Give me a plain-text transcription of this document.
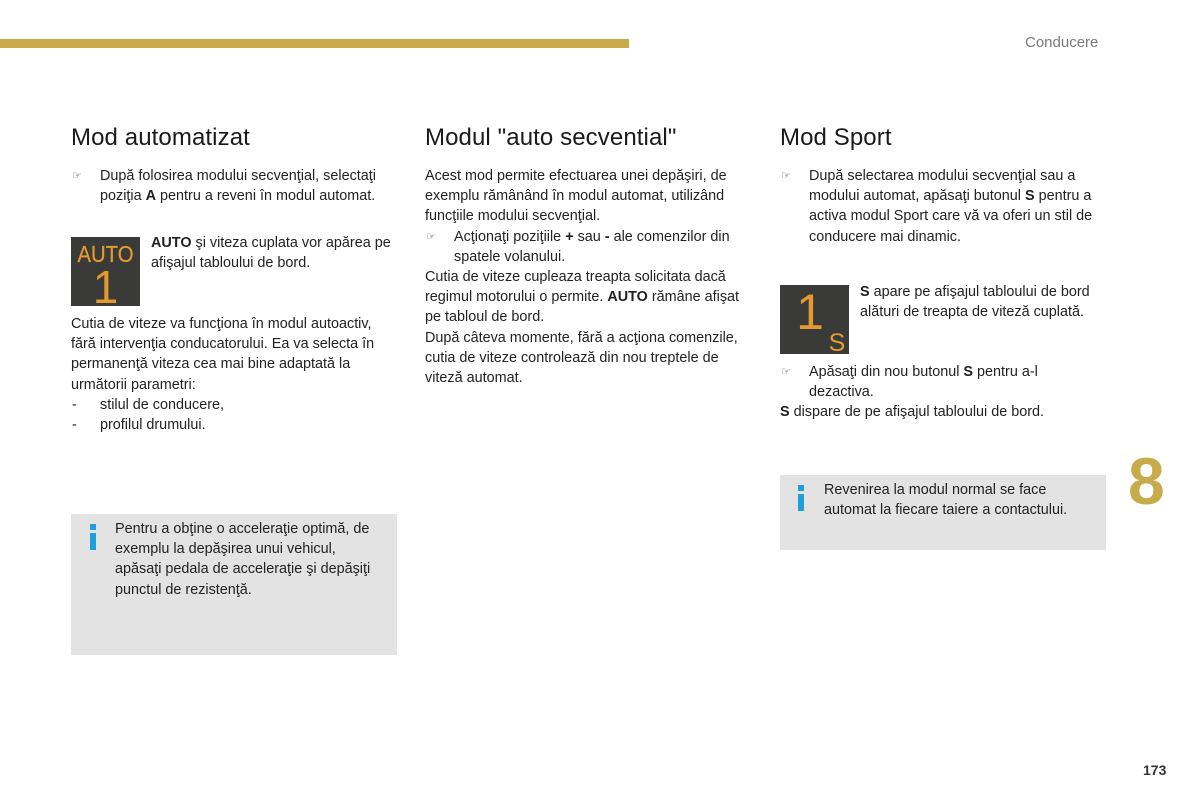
Conducere
Mod automatizat
☞ După folosirea modului secvenţial, selectaţi poziţia A pentru a reveni în modul automat.
AUTO
1
AUTO şi viteza cuplata vor apărea pe afişajul tabloului de bord.

Cutia de viteze va funcţiona în modul autoactiv, fără intervenţia conducatorului. Ea va selecta în permanenţă viteza cea mai bine adaptată la următorii parametri:

- stilul de conducere,
- profilul drumului.
Pentru a obţine o acceleraţie optimă, de exemplu la depăşirea unui vehicul, apăsaţi pedala de acceleraţie şi depăşiţi punctul de rezistenţă.
Modul "auto secvential"

Acest mod permite efectuarea unei depăşiri, de exemplu rămânând în modul automat, utilizând funcţiile modului secvenţial.

☞ Acţionaţi poziţiile + sau - ale comenzilor din spatele volanului.

Cutia de viteze cupleaza treapta solicitata dacă regimul motorului o permite. AUTO rămâne afişat pe tabloul de bord.

După câteva momente, fără a acţiona comenzile, cutia de viteze controlează din nou treptele de viteză automat.

Mod Sport
☞ După selectarea modului secvenţial sau a modului automat, apăsaţi butonul S pentru a activa modul Sport care vă va oferi un stil de conducere mai dinamic.
1
S
S apare pe afişajul tabloului de bord alături de treapta de viteză cuplată.
☞ Apăsaţi din nou butonul S pentru a-l dezactiva.

S dispare de pe afişajul tabloului de bord.

Revenirea la modul normal se face automat la fiecare taiere a contactului. 8
173
